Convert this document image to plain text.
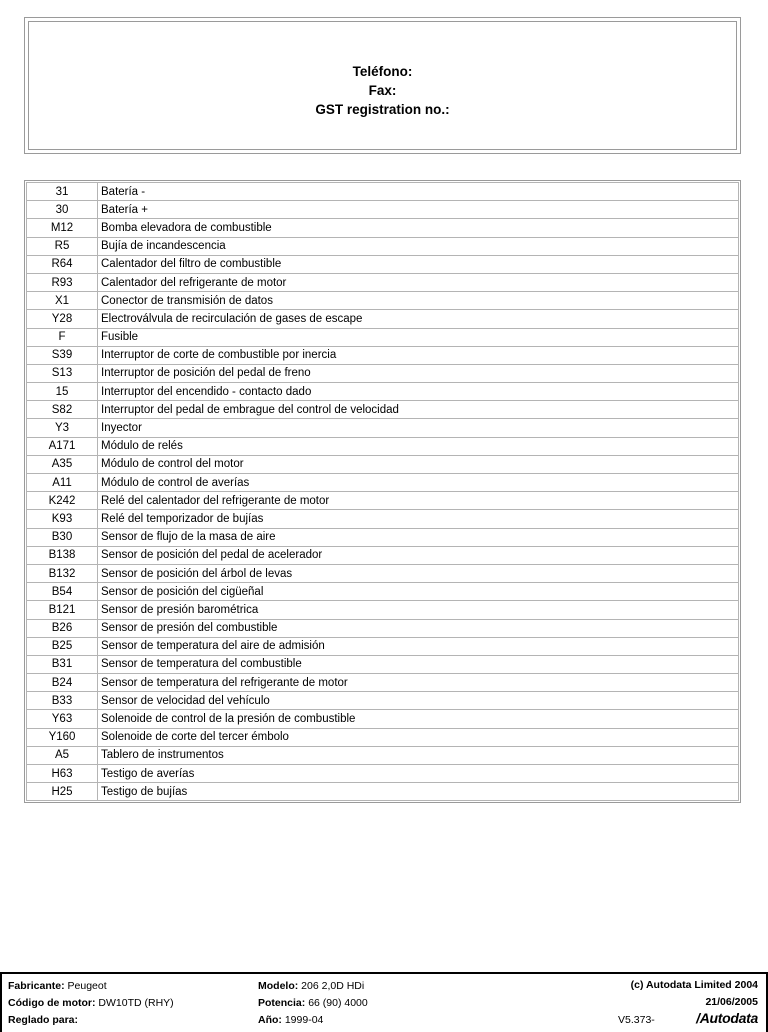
Teléfono:
Fax:
GST registration no.:
31	Batería -
30	Batería +
M12	Bomba elevadora de combustible
R5	Bujía de incandescencia
R64	Calentador del filtro de combustible
R93	Calentador del refrigerante de motor
X1	Conector de transmisión de datos
Y28	Electroválvula de recirculación de gases de escape
F	Fusible
S39	Interruptor de corte de combustible por inercia
S13	Interruptor de posición del pedal de freno
15	Interruptor del encendido - contacto dado
S82	Interruptor del pedal de embrague del control de velocidad
Y3	Inyector
A171	Módulo de relés
A35	Módulo de control del motor
A11	Módulo de control de averías
K242	Relé del calentador del refrigerante de motor
K93	Relé del temporizador de bujías
B30	Sensor de flujo de la masa de aire
B138	Sensor de posición del pedal de acelerador
B132	Sensor de posición del árbol de levas
B54	Sensor de posición del cigüeñal
B121	Sensor de presión barométrica
B26	Sensor de presión del combustible
B25	Sensor de temperatura del aire de admisión
B31	Sensor de temperatura del combustible
B24	Sensor de temperatura del refrigerante de motor
B33	Sensor de velocidad del vehículo
Y63	Solenoide de control de la presión de combustible
Y160	Solenoide de corte del tercer émbolo
A5	Tablero de instrumentos
H63	Testigo de averías
H25	Testigo de bujías
Fabricante: Peugeot
Código de motor: DW10TD (RHY)
Reglado para:
Modelo: 206 2,0D HDi
Potencia: 66 (90) 4000
Año: 1999-04
(c) Autodata Limited 2004
21/06/2005
V5.373-	/Autodata
